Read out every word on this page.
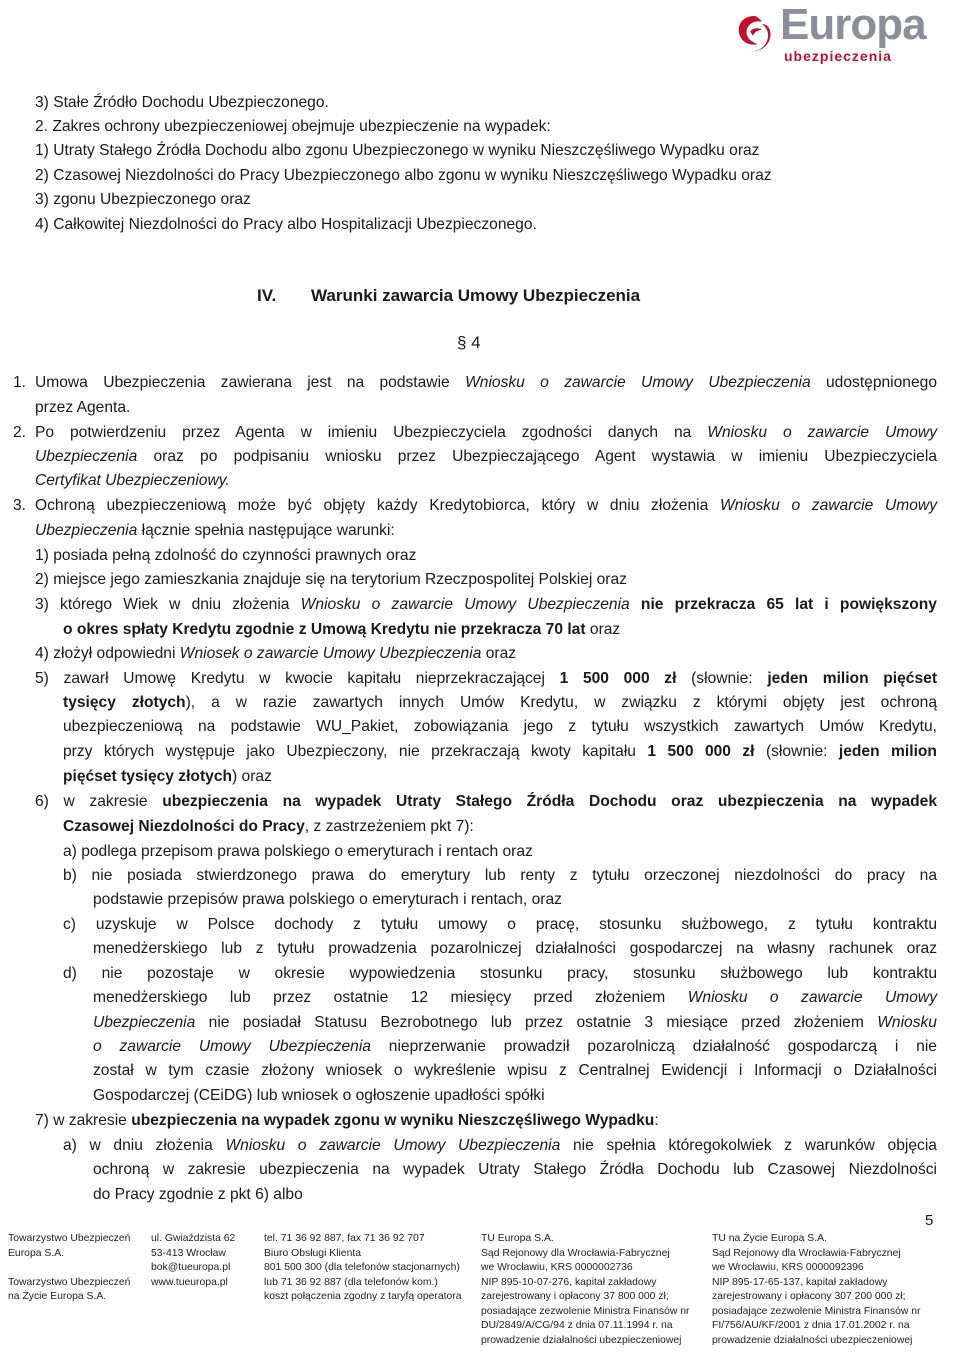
Europa
ubezpieczenia
3) Stałe Źródło Dochodu Ubezpieczonego.
2. Zakres ochrony ubezpieczeniowej obejmuje ubezpieczenie na wypadek:
1) Utraty Stałego Źródła Dochodu albo zgonu Ubezpieczonego w wyniku Nieszczęśliwego Wypadku oraz
2) Czasowej Niezdolności do Pracy Ubezpieczonego albo zgonu w wyniku Nieszczęśliwego Wypadku oraz
3) zgonu Ubezpieczonego oraz
4) Całkowitej Niezdolności do Pracy albo Hospitalizacji Ubezpieczonego.
IV. Warunki zawarcia Umowy Ubezpieczenia
§ 4
1. Umowa Ubezpieczenia zawierana jest na podstawie Wniosku o zawarcie Umowy Ubezpieczenia udostępnionego
przez Agenta.
2. Po potwierdzeniu przez Agenta w imieniu Ubezpieczyciela zgodności danych na Wniosku o zawarcie Umowy
Ubezpieczenia oraz po podpisaniu wniosku przez Ubezpieczającego Agent wystawia w imieniu Ubezpieczyciela
Certyfikat Ubezpieczeniowy.
3. Ochroną ubezpieczeniową może być objęty każdy Kredytobiorca, który w dniu złożenia Wniosku o zawarcie Umowy
Ubezpieczenia łącznie spełnia następujące warunki:
1) posiada pełną zdolność do czynności prawnych oraz
2) miejsce jego zamieszkania znajduje się na terytorium Rzeczpospolitej Polskiej oraz
3) którego Wiek w dniu złożenia Wniosku o zawarcie Umowy Ubezpieczenia nie przekracza 65 lat i powiększony
o okres spłaty Kredytu zgodnie z Umową Kredytu nie przekracza 70 lat oraz
4) złożył odpowiedni Wniosek o zawarcie Umowy Ubezpieczenia oraz
5) zawarł Umowę Kredytu w kwocie kapitału nieprzekraczającej 1 500 000 zł (słownie: jeden milion pięćset
tysięcy złotych), a w razie zawartych innych Umów Kredytu, w związku z którymi objęty jest ochroną
ubezpieczeniową na podstawie WU_Pakiet, zobowiązania jego z tytułu wszystkich zawartych Umów Kredytu,
przy których występuje jako Ubezpieczony, nie przekraczają kwoty kapitału 1 500 000 zł (słownie: jeden milion
pięćset tysięcy złotych) oraz
6) w zakresie ubezpieczenia na wypadek Utraty Stałego Źródła Dochodu oraz ubezpieczenia na wypadek
Czasowej Niezdolności do Pracy, z zastrzeżeniem pkt 7):
a) podlega przepisom prawa polskiego o emeryturach i rentach oraz
b) nie posiada stwierdzonego prawa do emerytury lub renty z tytułu orzeczonej niezdolności do pracy na
podstawie przepisów prawa polskiego o emeryturach i rentach, oraz
c) uzyskuje w Polsce dochody z tytułu umowy o pracę, stosunku służbowego, z tytułu kontraktu
menedżerskiego lub z tytułu prowadzenia pozarolniczej działalności gospodarczej na własny rachunek oraz
d) nie pozostaje w okresie wypowiedzenia stosunku pracy, stosunku służbowego lub kontraktu
menedżerskiego lub przez ostatnie 12 miesięcy przed złożeniem Wniosku o zawarcie Umowy
Ubezpieczenia nie posiadał Statusu Bezrobotnego lub przez ostatnie 3 miesiące przed złożeniem Wniosku
o zawarcie Umowy Ubezpieczenia nieprzerwanie prowadził pozarolniczą działalność gospodarczą i nie
został w tym czasie złożony wniosek o wykreślenie wpisu z Centralnej Ewidencji i Informacji o Działalności
Gospodarczej (CEiDG) lub wniosek o ogłoszenie upadłości spółki
7) w zakresie ubezpieczenia na wypadek zgonu w wyniku Nieszczęśliwego Wypadku:
a) w dniu złożenia Wniosku o zawarcie Umowy Ubezpieczenia nie spełnia któregokolwiek z warunków objęcia
ochroną w zakresie ubezpieczenia na wypadek Utraty Stałego Źródła Dochodu lub Czasowej Niezdolności
do Pracy zgodnie z pkt 6) albo
5
Towarzystwo Ubezpieczeń
Europa S.A.
Towarzystwo Ubezpieczeń
na Życie Europa S.A.
ul. Gwiaździsta 62
53-413 Wrocław
bok@tueuropa.pl
www.tueuropa.pl
tel. 71 36 92 887, fax 71 36 92 707
Biuro Obsługi Klienta
801 500 300 (dla telefonów stacjonarnych)
lub 71 36 92 887 (dla telefonów kom.)
koszt połączenia zgodny z taryfą operatora
TU Europa S.A.
Sąd Rejonowy dla Wrocławia-Fabrycznej
we Wrocławiu, KRS 0000002736
NIP 895-10-07-276, kapitał zakładowy
zarejestrowany i opłacony 37 800 000 zł;
posiadające zezwolenie Ministra Finansów nr
DU/2849/A/CG/94 z dnia 07.11.1994 r. na
prowadzenie działalności ubezpieczeniowej
TU na Życie Europa S.A.
Sąd Rejonowy dla Wrocławia-Fabrycznej
we Wrocławiu, KRS 0000092396
NIP 895-17-65-137, kapitał zakładowy
zarejestrowany i opłacony 307 200 000 zł;
posiadające zezwolenie Ministra Finansów nr
FI/756/AU/KF/2001 z dnia 17.01.2002 r. na
prowadzenie działalności ubezpieczeniowej
